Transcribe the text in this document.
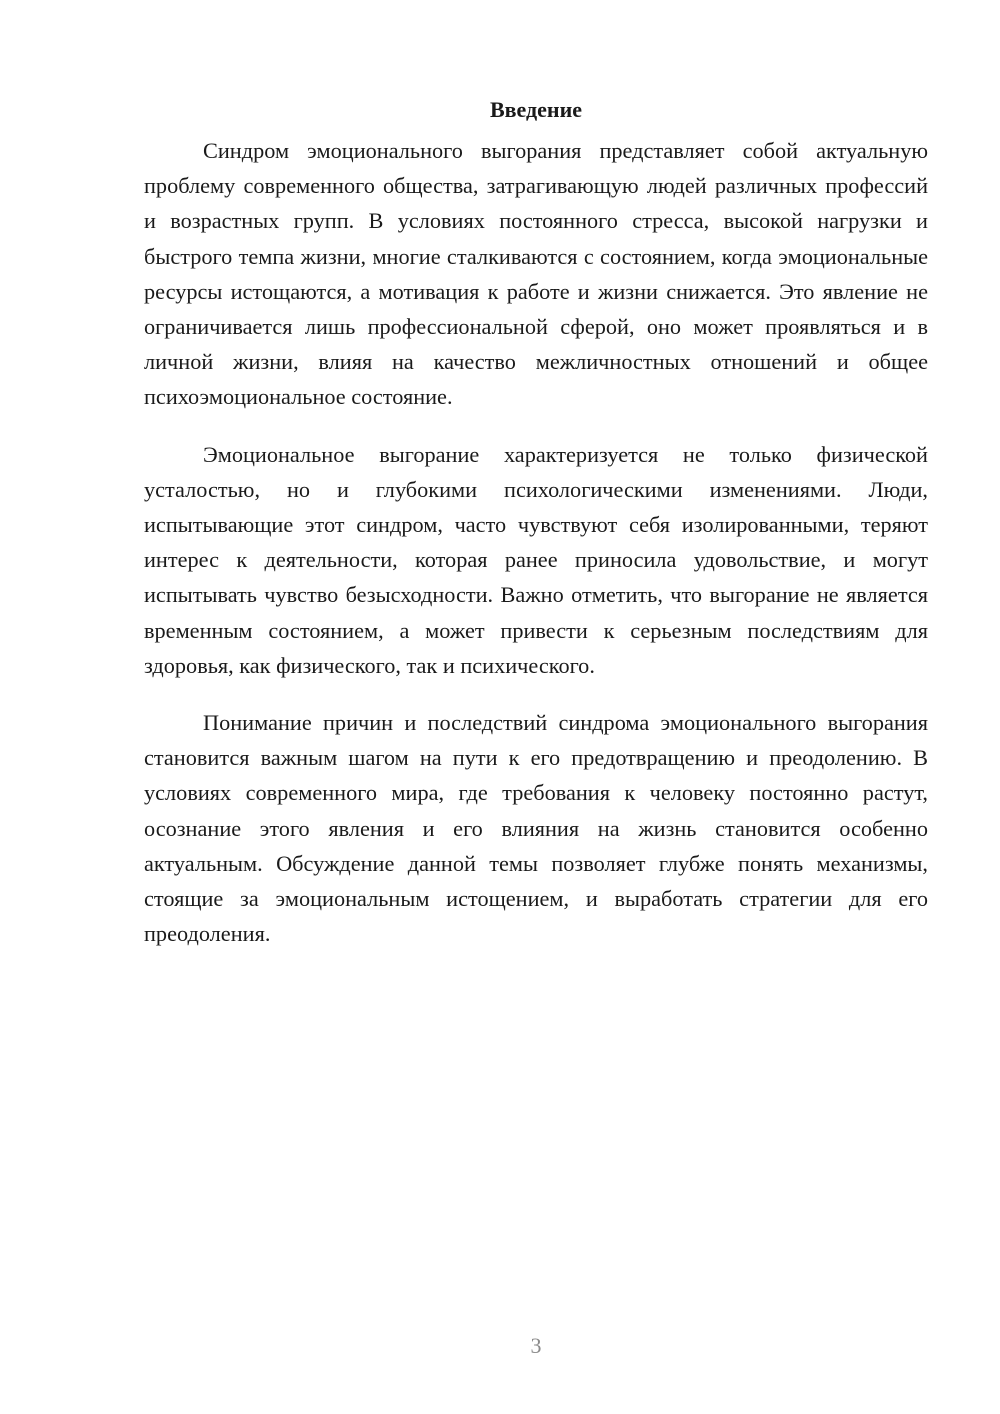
Введение

Синдром эмоционального выгорания представляет собой актуальную проблему современного общества, затрагивающую людей различных профессий и возрастных групп. В условиях постоянного стресса, высокой нагрузки и быстрого темпа жизни, многие сталкиваются с состоянием, когда эмоциональные ресурсы истощаются, а мотивация к работе и жизни снижается. Это явление не ограничивается лишь профессиональной сферой, оно может проявляться и в личной жизни, влияя на качество межличностных отношений и общее психоэмоциональное состояние.

Эмоциональное выгорание характеризуется не только физической усталостью, но и глубокими психологическими изменениями. Люди, испытывающие этот синдром, часто чувствуют себя изолированными, теряют интерес к деятельности, которая ранее приносила удовольствие, и могут испытывать чувство безысходности. Важно отметить, что выгорание не является временным состоянием, а может привести к серьезным последствиям для здоровья, как физического, так и психического.

Понимание причин и последствий синдрома эмоционального выгорания становится важным шагом на пути к его предотвращению и преодолению. В условиях современного мира, где требования к человеку постоянно растут, осознание этого явления и его влияния на жизнь становится особенно актуальным. Обсуждение данной темы позволяет глубже понять механизмы, стоящие за эмоциональным истощением, и выработать стратегии для его преодоления.

3
